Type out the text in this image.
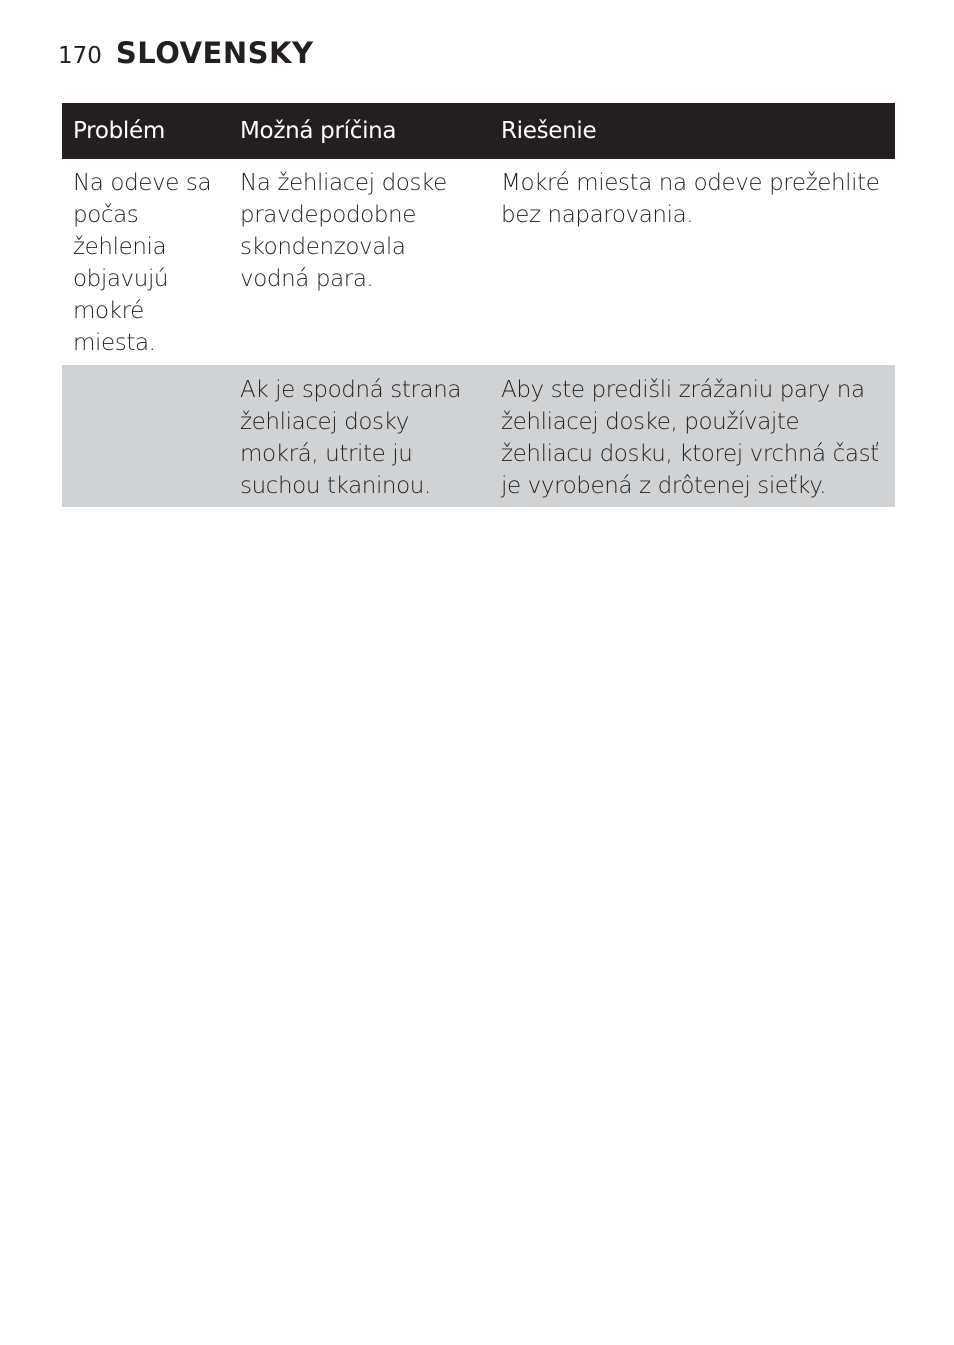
170 SLOVENSKY
Problém	Možná príčina	Riešenie
Na odeve sa počas žehlenia objavujú mokré miesta.	Na žehliacej doske pravdepodobne skondenzovala vodná para.	Mokré miesta na odeve prežehlite bez naparovania.
	Ak je spodná strana žehliacej dosky mokrá, utrite ju suchou tkaninou.	Aby ste predišli zrážaniu pary na žehliacej doske, používajte žehliacu dosku, ktorej vrchná časť je vyrobená z drôtenej sieťky.
